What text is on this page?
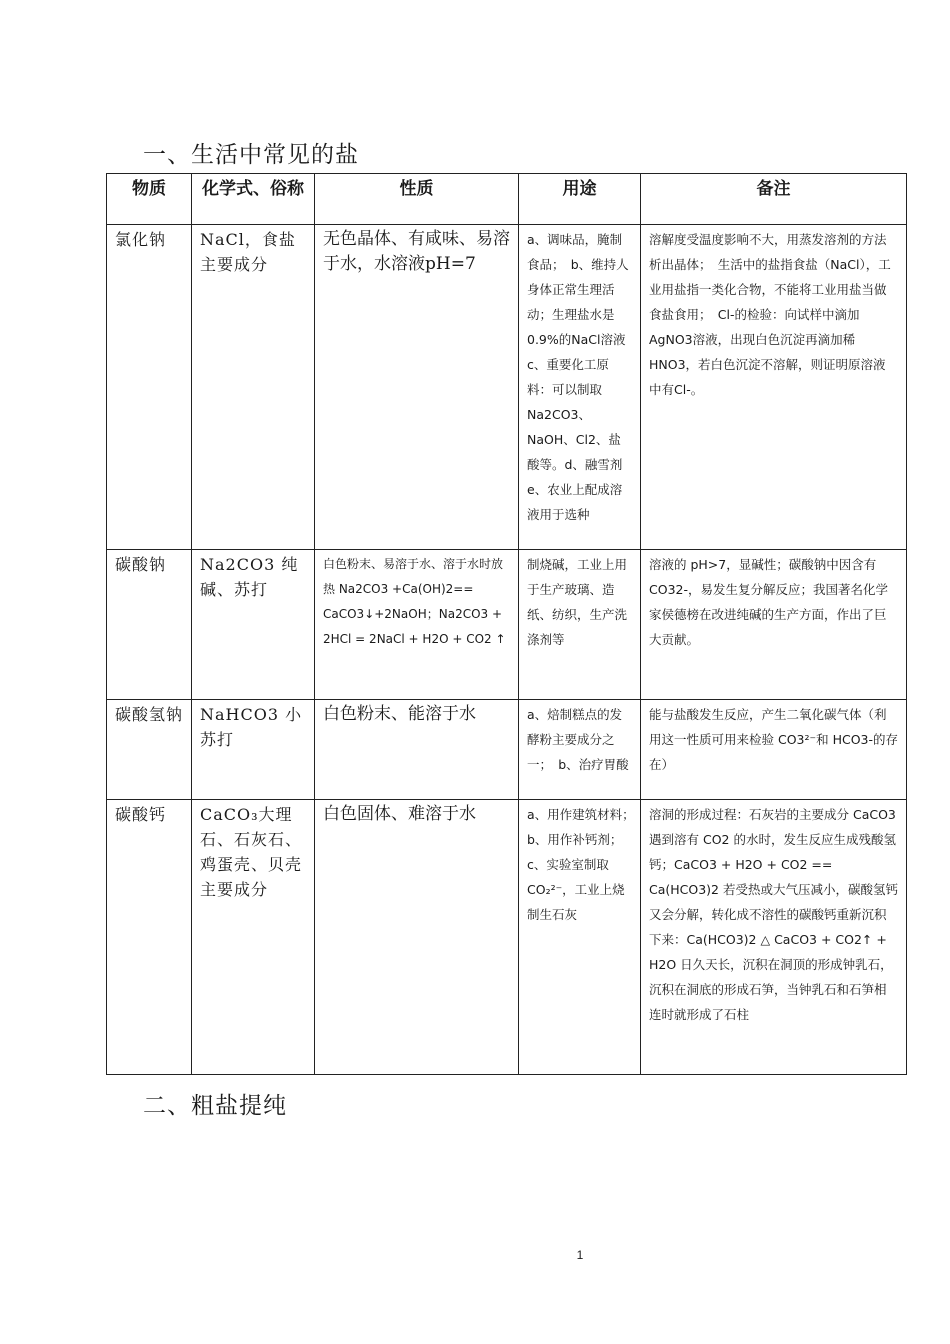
一、生活中常见的盐
物质	化学式、俗称	性质	用途	备注
氯化钠	NaCl，食盐主要成分	无色晶体、有咸味、易溶于水，水溶液pH=7	a、调味品，腌制食品；　b、维持人身体正常生理活动；生理盐水是0.9%的NaCl溶液　c、重要化工原料：可以制取Na2CO3、NaOH、Cl2、盐酸等。d、融雪剂　e、农业上配成溶液用于选种	溶解度受温度影响不大，用蒸发溶剂的方法析出晶体；　生活中的盐指食盐（NaCl），工业用盐指一类化合物，不能将工业用盐当做食盐食用；　Cl-的检验：向试样中滴加AgNO3溶液，出现白色沉淀再滴加稀HNO3，若白色沉淀不溶解，则证明原溶液中有Cl-。
碳酸钠	Na2CO3 纯碱、苏打	白色粉末、易溶于水、溶于水时放热 Na2CO3 +Ca(OH)2== CaCO3↓+2NaOH；Na2CO3 + 2HCl = 2NaCl + H2O + CO2 ↑	制烧碱，工业上用于生产玻璃、造纸、纺织，生产洗涤剂等	溶液的 pH>7，显碱性；碳酸钠中因含有 CO32-，易发生复分解反应；我国著名化学家侯德榜在改进纯碱的生产方面，作出了巨大贡献。
碳酸氢钠	NaHCO3 小苏打	白色粉末、能溶于水	a、焙制糕点的发酵粉主要成分之一；　b、治疗胃酸	能与盐酸发生反应，产生二氧化碳气体（利用这一性质可用来检验 CO3²⁻和 HCO3-的存在）
碳酸钙	CaCO₃大理石、石灰石、鸡蛋壳、贝壳主要成分	白色固体、难溶于水	a、用作建筑材料；　b、用作补钙剂；　c、实验室制取CO₂²⁻，工业上烧制生石灰	溶洞的形成过程：石灰岩的主要成分 CaCO3 遇到溶有 CO2 的水时，发生反应生成残酸氢钙；CaCO3 + H2O + CO2 == Ca(HCO3)2 若受热或大气压减小，碳酸氢钙又会分解，转化成不溶性的碳酸钙重新沉积下来：Ca(HCO3)2 △ CaCO3 + CO2↑ + H2O 日久天长，沉积在洞顶的形成钟乳石，沉积在洞底的形成石笋，当钟乳石和石笋相连时就形成了石柱
二、粗盐提纯
1
